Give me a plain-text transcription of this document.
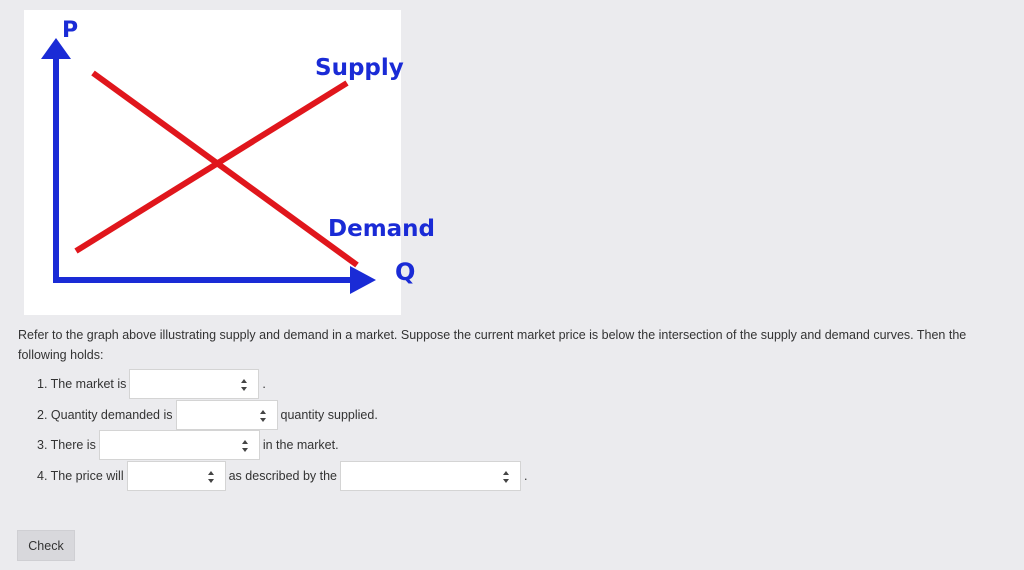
P
Supply
Demand
Q
Refer to the graph above illustrating supply and demand in a market. Suppose the current market price is below the intersection of the supply and demand curves. Then the following holds:
1. The market is	.
2. Quantity demanded is	quantity supplied.
3. There is	in the market.
4. The price will	as described by the	.
Check
